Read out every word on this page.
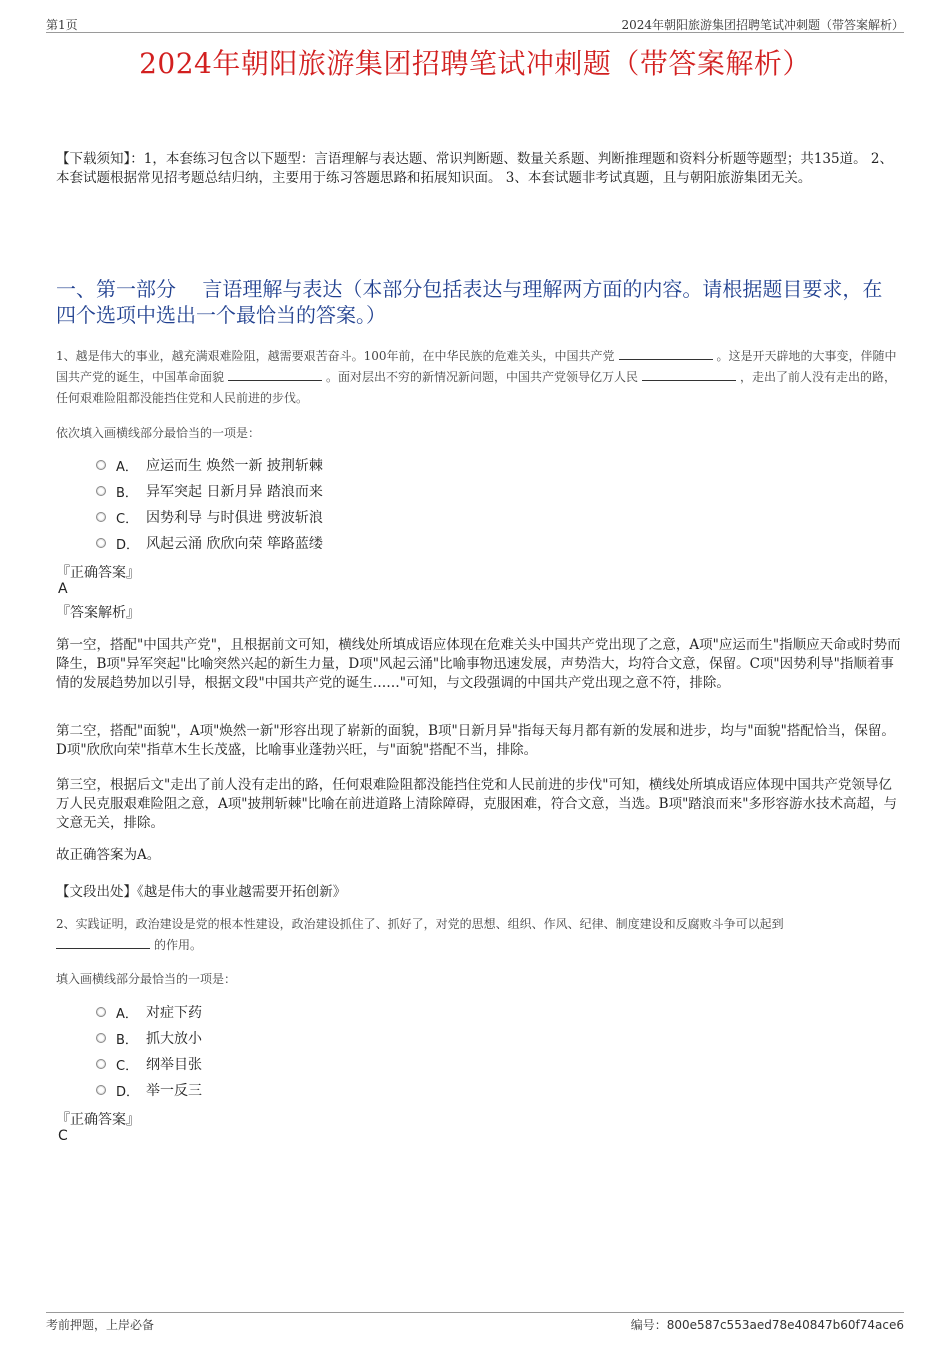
第1页	2024年朝阳旅游集团招聘笔试冲刺题（带答案解析）
2024年朝阳旅游集团招聘笔试冲刺题（带答案解析）
【下载须知】：1，本套练习包含以下题型：言语理解与表达题、常识判断题、数量关系题、判断推理题和资料分析题等题型；共135道。 2、本套试题根据常见招考题总结归纳，主要用于练习答题思路和拓展知识面。 3、本套试题非考试真题，且与朝阳旅游集团无关。
一、第一部分　 言语理解与表达（本部分包括表达与理解两方面的内容。请根据题目要求，在四个选项中选出一个最恰当的答案。）
1、越是伟大的事业，越充满艰难险阻，越需要艰苦奋斗。100年前，在中华民族的危难关头，中国共产党	。这是开天辟地的大事变，伴随中国共产党的诞生，中国革命面貌	。面对层出不穷的新情况新问题，中国共产党领导亿万人民	，走出了前人没有走出的路，任何艰难险阻都没能挡住党和人民前进的步伐。
依次填入画横线部分最恰当的一项是：
A． 应运而生 焕然一新 披荆斩棘
B． 异军突起 日新月异 踏浪而来
C． 因势利导 与时俱进 劈波斩浪
D． 风起云涌 欣欣向荣 筚路蓝缕
『正确答案』
A
『答案解析』
第一空，搭配"中国共产党"，且根据前文可知，横线处所填成语应体现在危难关头中国共产党出现了之意，A项"应运而生"指顺应天命或时势而降生，B项"异军突起"比喻突然兴起的新生力量，D项"风起云涌"比喻事物迅速发展，声势浩大，均符合文意，保留。C项"因势利导"指顺着事情的发展趋势加以引导，根据文段"中国共产党的诞生……"可知，与文段强调的中国共产党出现之意不符，排除。
第二空，搭配"面貌"，A项"焕然一新"形容出现了崭新的面貌，B项"日新月异"指每天每月都有新的发展和进步，均与"面貌"搭配恰当，保留。D项"欣欣向荣"指草木生长茂盛，比喻事业蓬勃兴旺，与"面貌"搭配不当，排除。
第三空，根据后文"走出了前人没有走出的路，任何艰难险阻都没能挡住党和人民前进的步伐"可知，横线处所填成语应体现中国共产党领导亿万人民克服艰难险阻之意，A项"披荆斩棘"比喻在前进道路上清除障碍，克服困难，符合文意，当选。B项"踏浪而来"多形容游水技术高超，与文意无关，排除。
故正确答案为A。
【文段出处】《越是伟大的事业越需要开拓创新》
2、实践证明，政治建设是党的根本性建设，政治建设抓住了、抓好了，对党的思想、组织、作风、纪律、制度建设和反腐败斗争可以起到
的作用。
填入画横线部分最恰当的一项是：
A． 对症下药
B． 抓大放小
C． 纲举目张
D． 举一反三
『正确答案』
C
考前押题，上岸必备	编号：800e587c553aed78e40847b60f74ace6
